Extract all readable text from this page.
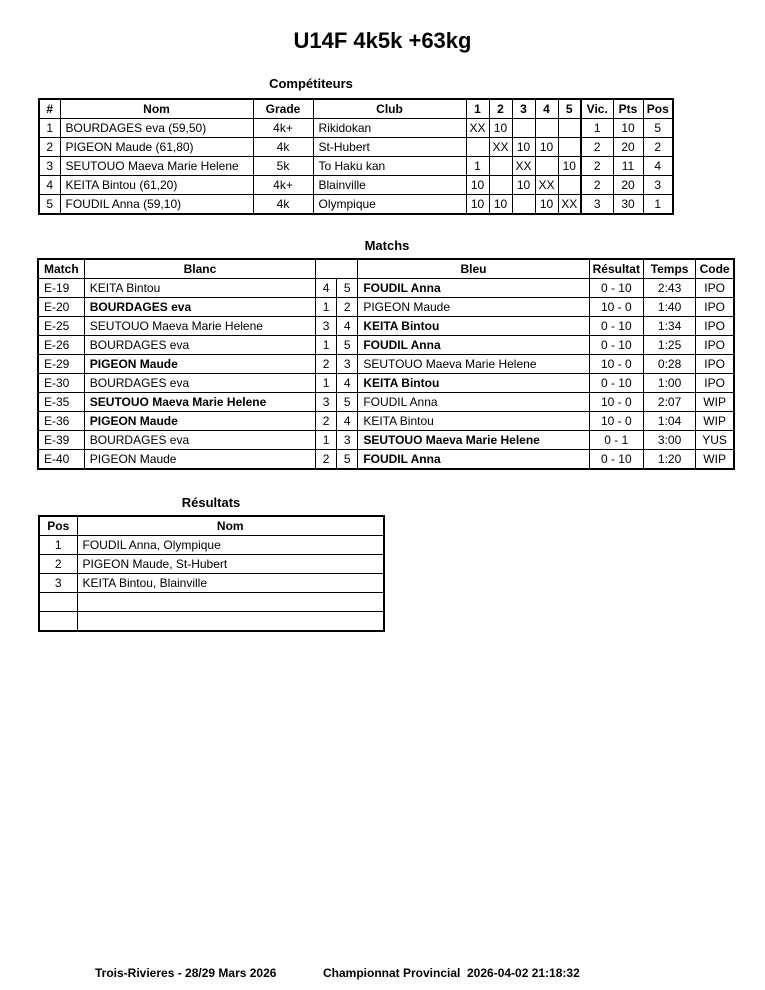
U14F 4k5k +63kg
Compétiteurs
#	Nom	Grade	Club	1	2	3	4	5	Vic.	Pts	Pos
1	BOURDAGES eva (59,50)	4k+	Rikidokan	XX	10				1	10	5
2	PIGEON Maude (61,80)	4k	St-Hubert		XX	10	10		2	20	2
3	SEUTOUO Maeva Marie Helene	5k	To Haku kan	1		XX		10	2	11	4
4	KEITA Bintou (61,20)	4k+	Blainville	10		10	XX		2	20	3
5	FOUDIL Anna (59,10)	4k	Olympique	10	10		10	XX	3	30	1
Matchs
Match	Blanc			Bleu	Résultat	Temps	Code
E-19	KEITA Bintou	4	5	FOUDIL Anna	0 - 10	2:43	IPO
E-20	BOURDAGES eva	1	2	PIGEON Maude	10 - 0	1:40	IPO
E-25	SEUTOUO Maeva Marie Helene	3	4	KEITA Bintou	0 - 10	1:34	IPO
E-26	BOURDAGES eva	1	5	FOUDIL Anna	0 - 10	1:25	IPO
E-29	PIGEON Maude	2	3	SEUTOUO Maeva Marie Helene	10 - 0	0:28	IPO
E-30	BOURDAGES eva	1	4	KEITA Bintou	0 - 10	1:00	IPO
E-35	SEUTOUO Maeva Marie Helene	3	5	FOUDIL Anna	10 - 0	2:07	WIP
E-36	PIGEON Maude	2	4	KEITA Bintou	10 - 0	1:04	WIP
E-39	BOURDAGES eva	1	3	SEUTOUO Maeva Marie Helene	0 - 1	3:00	YUS
E-40	PIGEON Maude	2	5	FOUDIL Anna	0 - 10	1:20	WIP
Résultats
Pos	Nom
1	FOUDIL Anna, Olympique
2	PIGEON Maude, St-Hubert
3	KEITA Bintou, Blainville

Trois-Rivieres - 28/29 Mars 2026	Championnat Provincial 2026-04-02 21:18:32
